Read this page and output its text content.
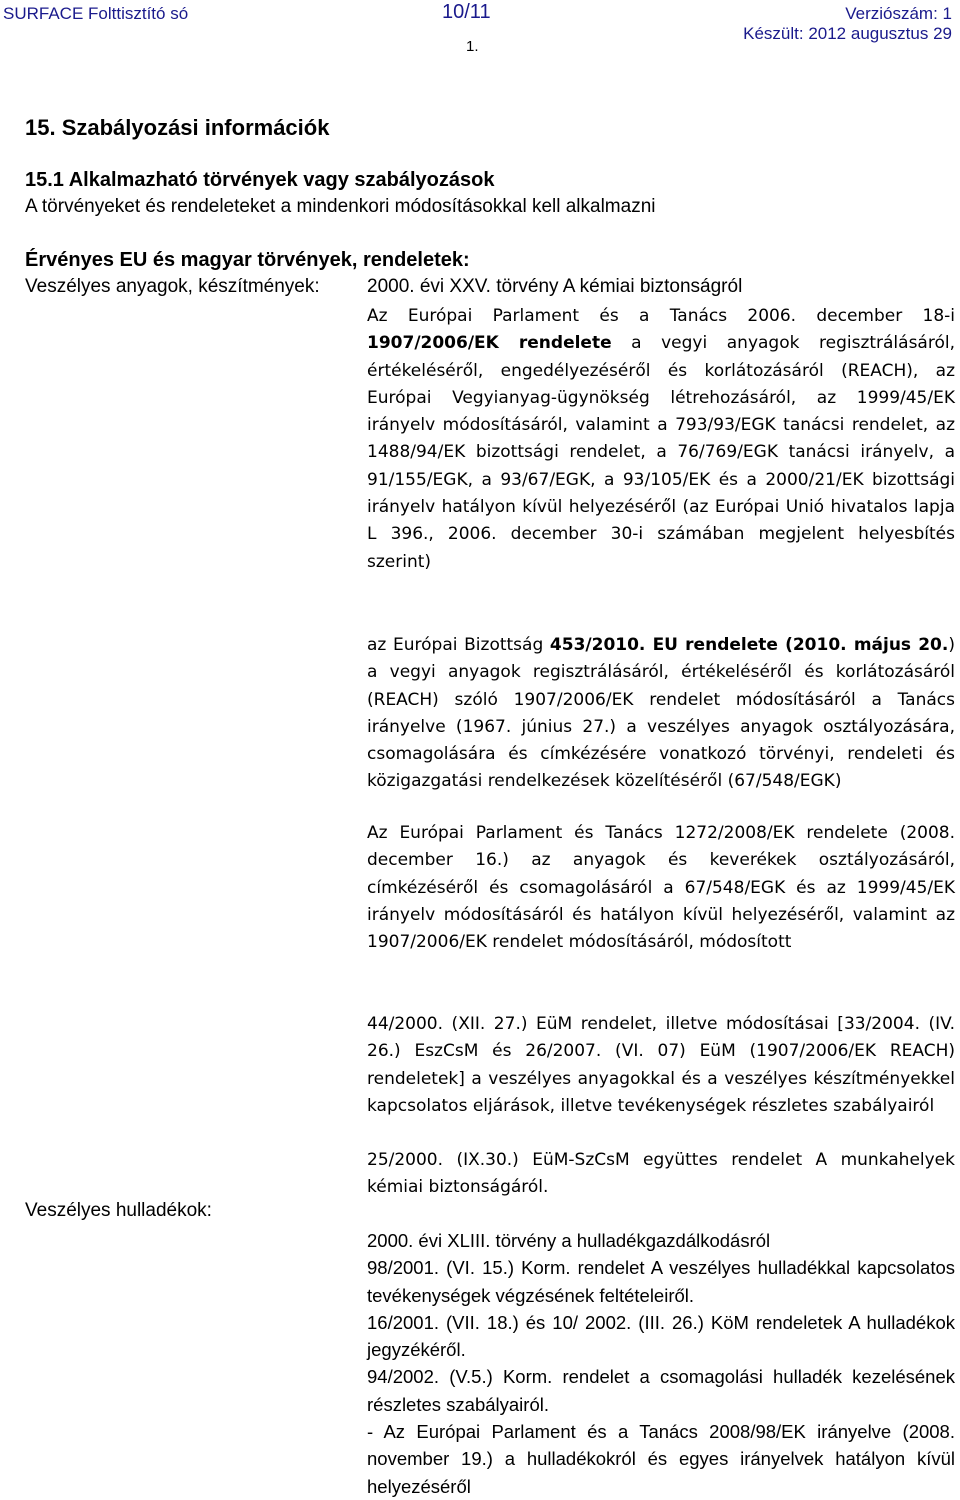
SURFACE Folttisztító só	10/11
1.
Verziószám: 1
Készült: 2012 augusztus 29
15. Szabályozási információk
15.1 Alkalmazható törvények vagy szabályozások
A törvényeket és rendeleteket a mindenkori módosításokkal kell alkalmazni
Érvényes EU és magyar törvények, rendeletek:
Veszélyes anyagok, készítmények: 2000. évi XXV. törvény A kémiai biztonságról

Az Európai Parlament és a Tanács 2006. december 18-i

1907/2006/EK rendelete a vegyi anyagok regisztrálásáról, értékeléséről, engedélyezéséről és korlátozásáról (REACH), az Európai Vegyianyag-ügynökség létrehozásáról, az 1999/45/EK irányelv módosításáról, valamint a 793/93/EGK tanácsi rendelet, az 1488/94/EK bizottsági rendelet, a 76/769/EGK tanácsi irányelv, a 91/155/EGK, a 93/67/EGK, a 93/105/EK és a 2000/21/EK bizottsági irányelv hatályon kívül helyezéséről (az Európai Unió hivatalos lapja L 396., 2006. december 30-i számában megjelent helyesbítés szerint)

az Európai Bizottság 453/2010. EU rendelete (2010. május 20.) a vegyi anyagok regisztrálásáról, értékeléséről és korlátozásáról (REACH) szóló 1907/2006/EK rendelet módosításáról a Tanács irányelve (1967. június 27.) a veszélyes anyagok osztályozására, csomagolására és címkézésére vonatkozó törvényi, rendeleti és közigazgatási rendelkezések közelítéséről (67/548/EGK)

Az Európai Parlament és Tanács 1272/2008/EK rendelete (2008. december 16.) az anyagok és keverékek osztályozásáról, címkézéséről és csomagolásáról a 67/548/EGK és az 1999/45/EK irányelv módosításáról és hatályon kívül helyezéséről, valamint az 1907/2006/EK rendelet módosításáról, módosított

44/2000. (XII. 27.) EüM rendelet, illetve módosításai [33/2004. (IV. 26.) EszCsM és 26/2007. (VI. 07) EüM (1907/2006/EK REACH) rendeletek] a veszélyes anyagokkal és a veszélyes készítményekkel kapcsolatos eljárások, illetve tevékenységek részletes szabályairól

25/2000. (IX.30.) EüM-SzCsM együttes rendelet A munkahelyek kémiai biztonságáról.

Veszélyes hulladékok:

2000. évi XLIII. törvény a hulladékgazdálkodásról

98/2001. (VI. 15.) Korm. rendelet A veszélyes hulladékkal kapcsolatos tevékenységek végzésének feltételeiről.

16/2001. (VII. 18.) és 10/ 2002. (III. 26.) KöM rendeletek A hulladékok jegyzékéről.

94/2002. (V.5.) Korm. rendelet a csomagolási hulladék kezelésének részletes szabályairól.

- Az Európai Parlament és a Tanács 2008/98/EK irányelve (2008. november 19.) a hulladékokról és egyes irányelvek hatályon kívül helyezéséről
